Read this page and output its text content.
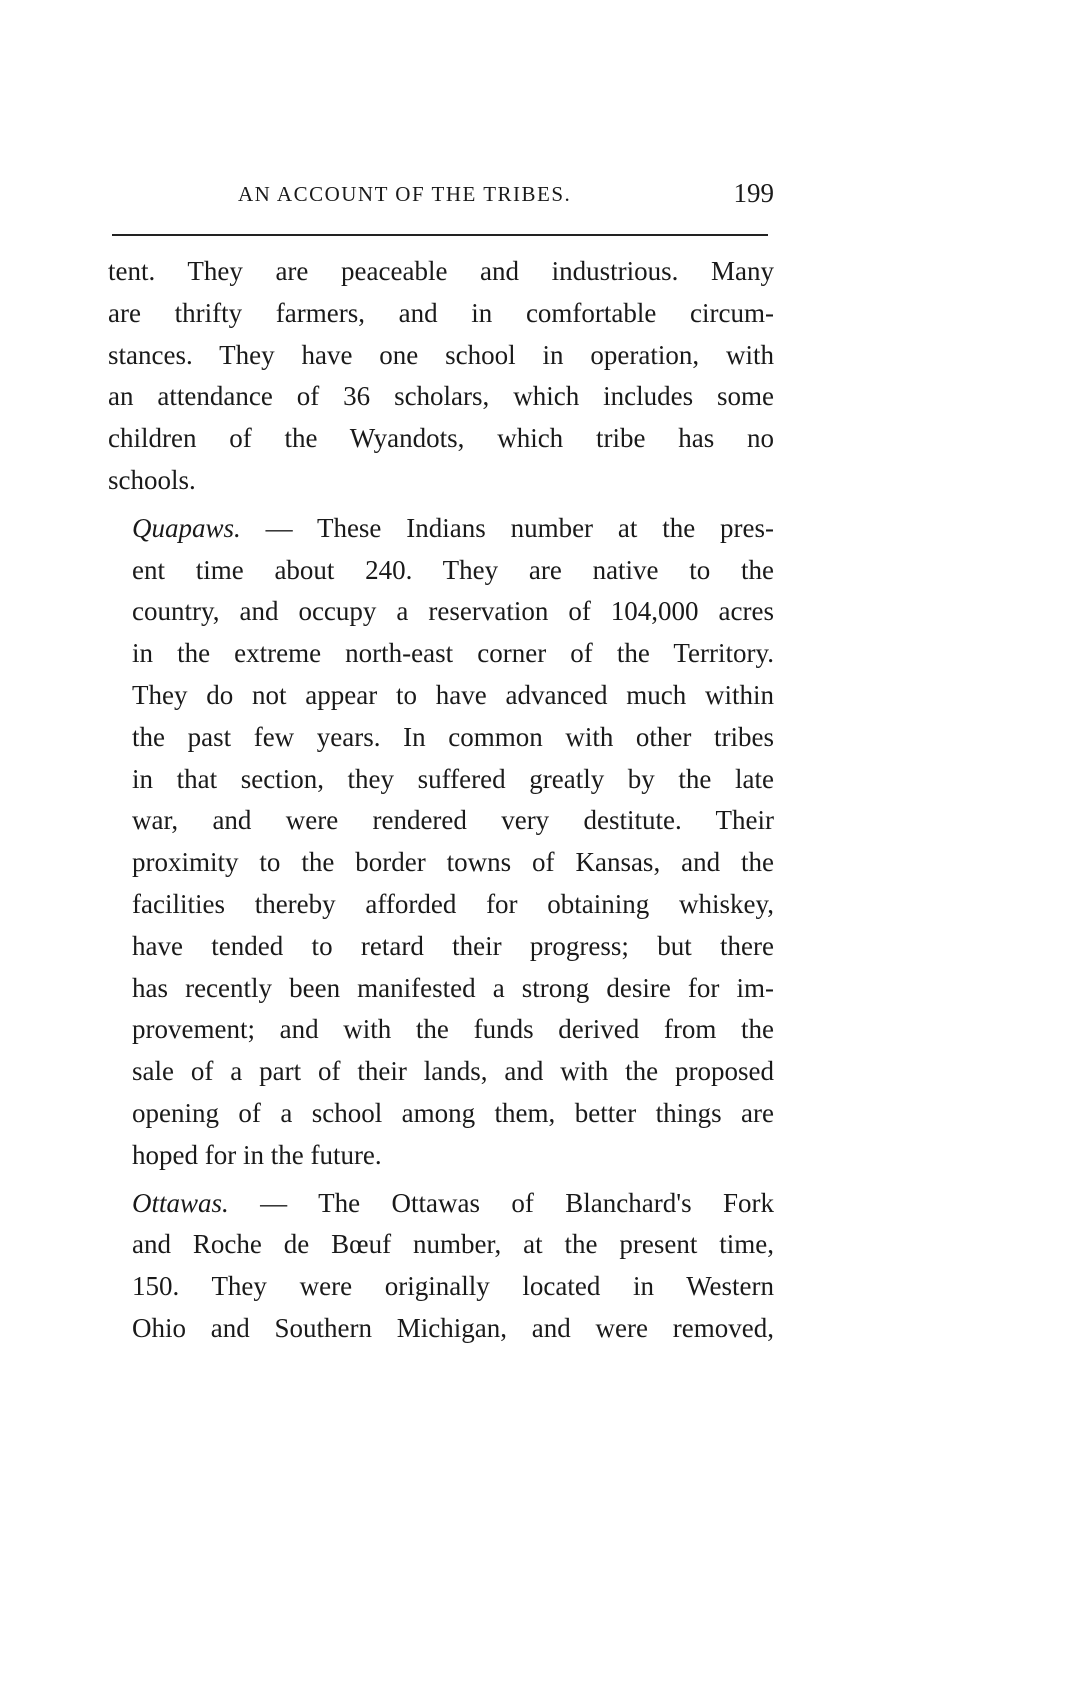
AN ACCOUNT OF THE TRIBES.	199

tent. They are peaceable and industrious. Many
are thrifty farmers, and in comfortable circum-
stances. They have one school in operation, with
an attendance of 36 scholars, which includes some
children of the Wyandots, which tribe has no
schools.

Quapaws. — These Indians number at the pres-
ent time about 240. They are native to the
country, and occupy a reservation of 104,000 acres
in the extreme north-east corner of the Territory.
They do not appear to have advanced much within
the past few years. In common with other tribes
in that section, they suffered greatly by the late
war, and were rendered very destitute. Their
proximity to the border towns of Kansas, and the
facilities thereby afforded for obtaining whiskey,
have tended to retard their progress; but there
has recently been manifested a strong desire for im-
provement; and with the funds derived from the
sale of a part of their lands, and with the proposed
opening of a school among them, better things are
hoped for in the future.

Ottawas. — The Ottawas of Blanchard's Fork
and Roche de Bœuf number, at the present time,
150. They were originally located in Western
Ohio and Southern Michigan, and were removed,
